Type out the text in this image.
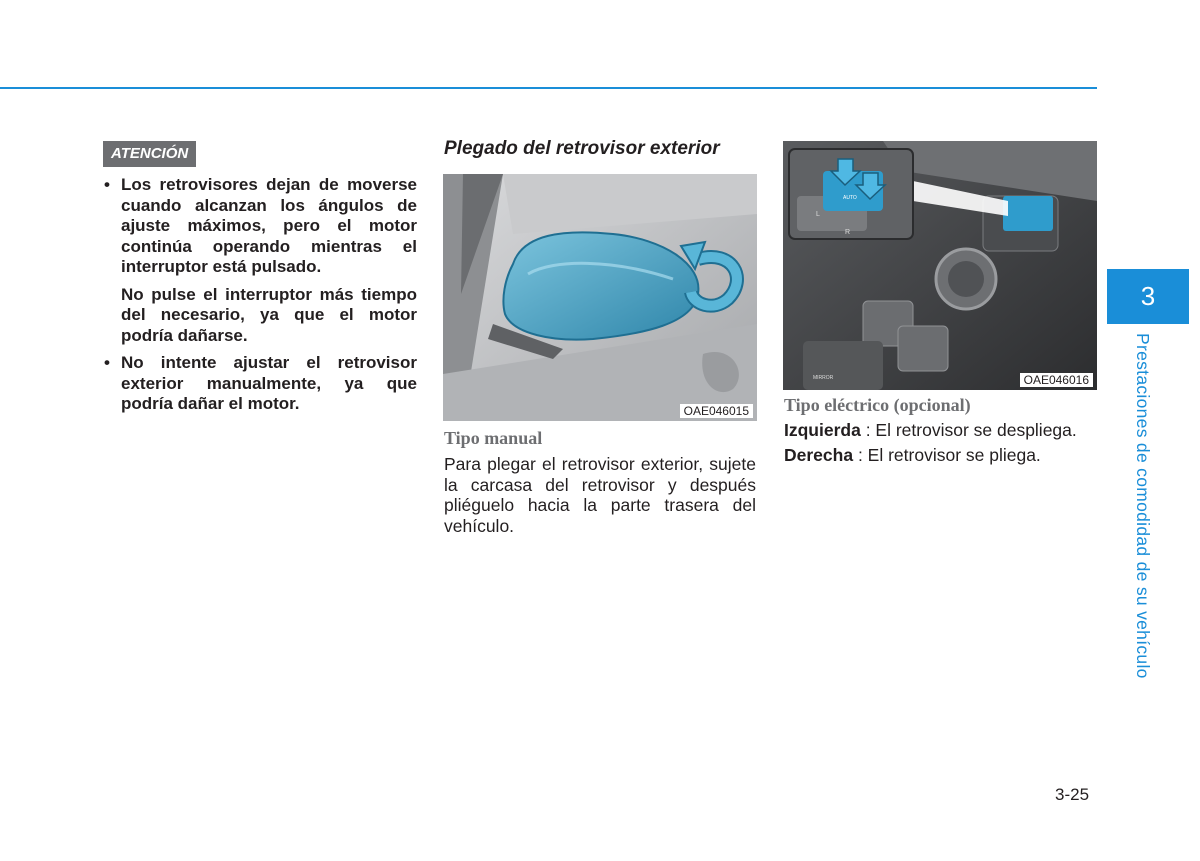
ATENCIÓN
• Los retrovisores dejan de moverse cuando alcanzan los ángulos de ajuste máximos, pero el motor continúa operando mientras el interruptor está pulsado.

No pulse el interruptor más tiempo del necesario, ya que el motor podría dañarse.

• No intente ajustar el retrovisor exterior manualmente, ya que podría dañar el motor.

Plegado del retrovisor exterior
OAE046015
Tipo manual

Para plegar el retrovisor exterior, sujete la carcasa del retrovisor y después pliéguelo hacia la parte trasera del vehículo.

L
R
AUTO
MIRROR	OAE046016
Tipo eléctrico (opcional)
Izquierda : El retrovisor se despliega.
Derecha : El retrovisor se pliega.
3
Prestaciones de comodidad de su vehículo
3-25
